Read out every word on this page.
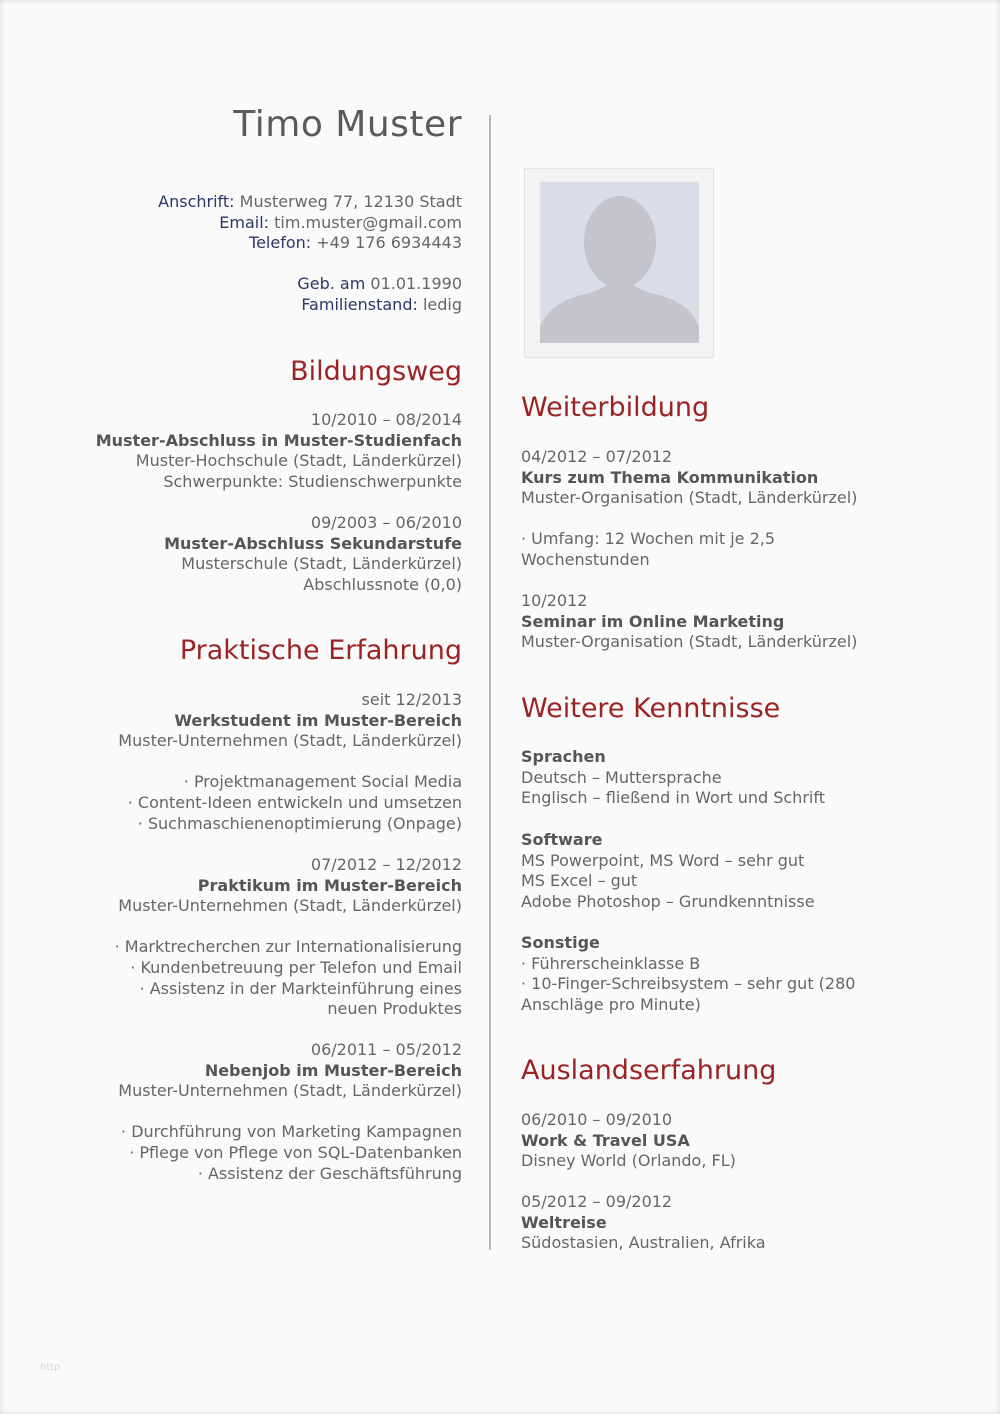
Timo Muster
Anschrift: Musterweg 77, 12130 Stadt
Email: tim.muster@gmail.com
Telefon: +49 176 6934443
Geb. am 01.01.1990
Familienstand: ledig
Bildungsweg
10/2010 – 08/2014
Muster-Abschluss in Muster-Studienfach
Muster-Hochschule (Stadt, Länderkürzel)
Schwerpunkte: Studienschwerpunkte
09/2003 – 06/2010
Muster-Abschluss Sekundarstufe
Musterschule (Stadt, Länderkürzel)
Abschlussnote (0,0)
Praktische Erfahrung
seit 12/2013
Werkstudent im Muster-Bereich
Muster-Unternehmen (Stadt, Länderkürzel)
· Projektmanagement Social Media
· Content-Ideen entwickeln und umsetzen
· Suchmaschienenoptimierung (Onpage)
07/2012 – 12/2012
Praktikum im Muster-Bereich
Muster-Unternehmen (Stadt, Länderkürzel)
· Marktrecherchen zur Internationalisierung
· Kundenbetreuung per Telefon und Email
· Assistenz in der Markteinführung eines
neuen Produktes
06/2011 – 05/2012
Nebenjob im Muster-Bereich
Muster-Unternehmen (Stadt, Länderkürzel)
· Durchführung von Marketing Kampagnen
· Pflege von Pflege von SQL-Datenbanken
· Assistenz der Geschäftsführung
Weiterbildung
04/2012 – 07/2012
Kurs zum Thema Kommunikation
Muster-Organisation (Stadt, Länderkürzel)
· Umfang: 12 Wochen mit je 2,5
Wochenstunden
10/2012
Seminar im Online Marketing
Muster-Organisation (Stadt, Länderkürzel)
Weitere Kenntnisse
Sprachen
Deutsch – Muttersprache
Englisch – fließend in Wort und Schrift
Software
MS Powerpoint, MS Word – sehr gut
MS Excel – gut
Adobe Photoshop – Grundkenntnisse
Sonstige
· Führerscheinklasse B
· 10-Finger-Schreibsystem – sehr gut (280
Anschläge pro Minute)
Auslandserfahrung
06/2010 – 09/2010
Work & Travel USA
Disney World (Orlando, FL)
05/2012 – 09/2012
Weltreise
Südostasien, Australien, Afrika
http
